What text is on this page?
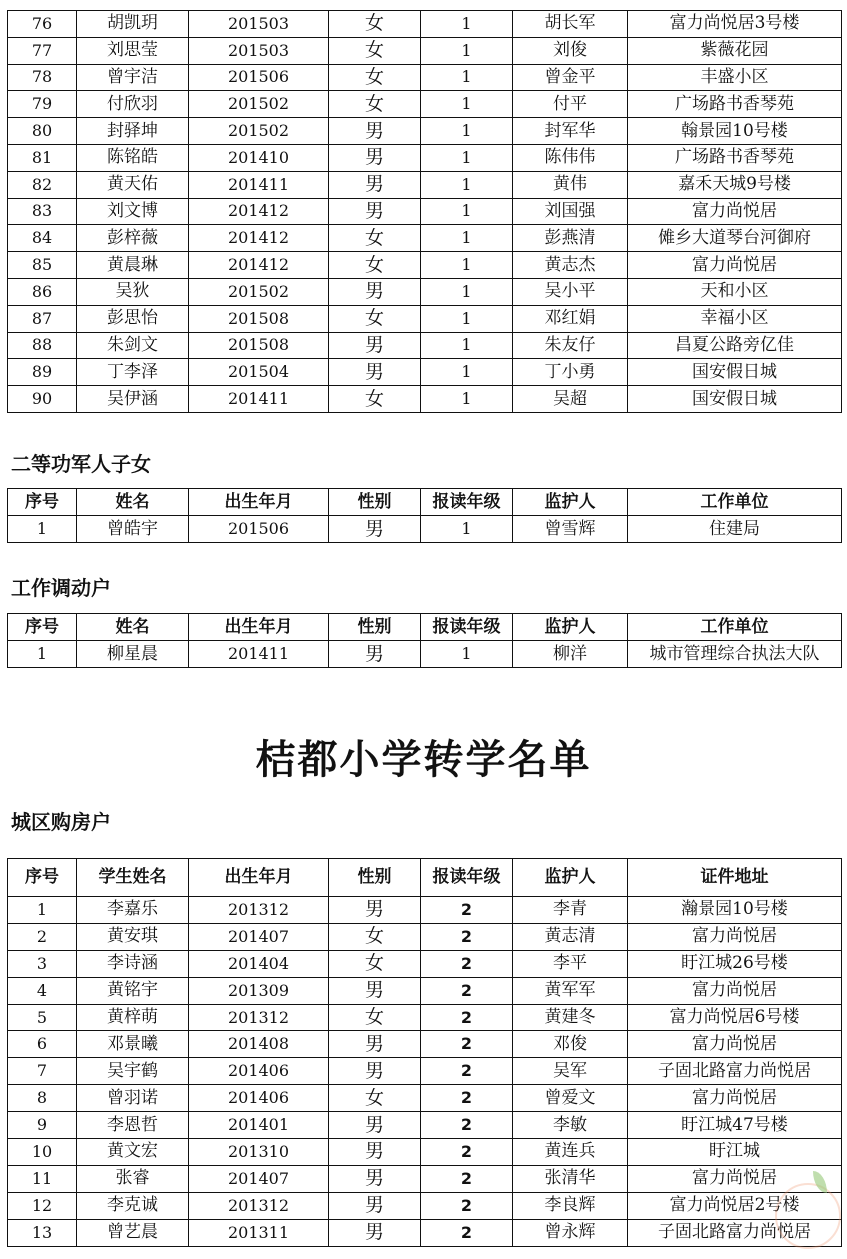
76	胡凯玥	201503	女	1	胡长军	富力尚悦居3号楼
77	刘思莹	201503	女	1	刘俊	紫薇花园
78	曾宇洁	201506	女	1	曾金平	丰盛小区
79	付欣羽	201502	女	1	付平	广场路书香琴苑
80	封驿坤	201502	男	1	封军华	翰景园10号楼
81	陈铭皓	201410	男	1	陈伟伟	广场路书香琴苑
82	黄天佑	201411	男	1	黄伟	嘉禾天城9号楼
83	刘文博	201412	男	1	刘国强	富力尚悦居
84	彭梓薇	201412	女	1	彭燕清	傩乡大道琴台河御府
85	黄晨琳	201412	女	1	黄志杰	富力尚悦居
86	吴狄	201502	男	1	吴小平	天和小区
87	彭思怡	201508	女	1	邓红娟	幸福小区
88	朱剑文	201508	男	1	朱友仔	昌夏公路旁亿佳
89	丁李泽	201504	男	1	丁小勇	国安假日城
90	吴伊涵	201411	女	1	吴超	国安假日城
二等功军人子女
序号	姓名	出生年月	性别	报读年级	监护人	工作单位
1	曾皓宇	201506	男	1	曾雪辉	住建局
工作调动户
序号	姓名	出生年月	性别	报读年级	监护人	工作单位
1	柳星晨	201411	男	1	柳洋	城市管理综合执法大队
桔都小学转学名单
城区购房户
序号	学生姓名	出生年月	性别	报读年级	监护人	证件地址
1	李嘉乐	201312	男	2	李青	瀚景园10号楼
2	黄安琪	201407	女	2	黄志清	富力尚悦居
3	李诗涵	201404	女	2	李平	盱江城26号楼
4	黄铭宇	201309	男	2	黄军军	富力尚悦居
5	黄梓萌	201312	女	2	黄建冬	富力尚悦居6号楼
6	邓景曦	201408	男	2	邓俊	富力尚悦居
7	吴宇鹤	201406	男	2	吴军	子固北路富力尚悦居
8	曾羽诺	201406	女	2	曾爱文	富力尚悦居
9	李恩哲	201401	男	2	李敏	盱江城47号楼
10	黄文宏	201310	男	2	黄连兵	盱江城
11	张睿	201407	男	2	张清华	富力尚悦居
12	李克诚	201312	男	2	李良辉	富力尚悦居2号楼
13	曾艺晨	201311	男	2	曾永辉	子固北路富力尚悦居
